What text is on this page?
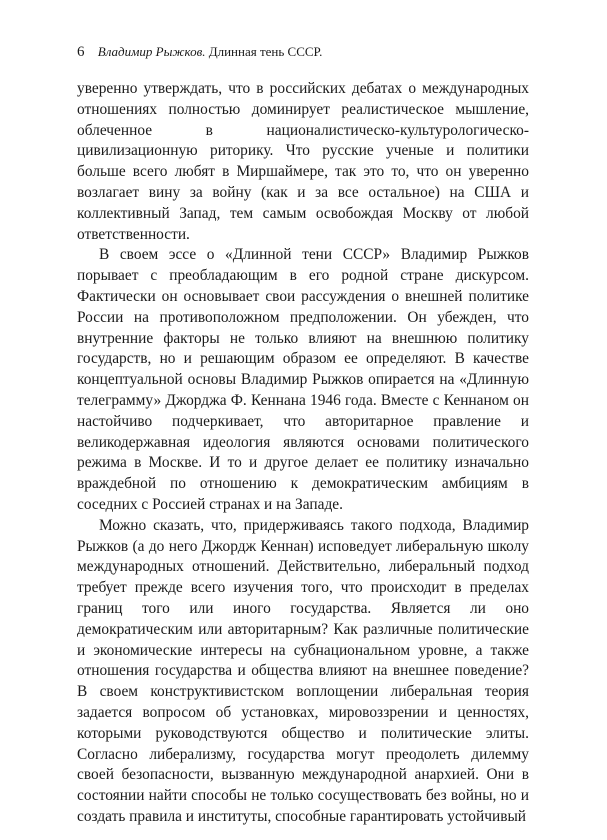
6 Владимир Рыжков. Длинная тень СССР.

уверенно утверждать, что в российских дебатах о международных отношениях полностью доминирует реалистическое мышление, облеченное в националистическо-культурологическо-цивилизационную риторику. Что русские ученые и политики больше всего любят в Миршаймере, так это то, что он уверенно возлагает вину за войну (как и за все остальное) на США и коллективный Запад, тем самым освобождая Москву от любой ответственности.

В своем эссе о «Длинной тени СССР» Владимир Рыжков порывает с преобладающим в его родной стране дискурсом. Фактически он основывает свои рассуждения о внешней политике России на противоположном предположении. Он убежден, что внутренние факторы не только влияют на внешнюю политику государств, но и решающим образом ее определяют. В качестве концептуальной основы Владимир Рыжков опирается на «Длинную телеграмму» Джорджа Ф. Кеннана 1946 года. Вместе с Кеннаном он настойчиво подчеркивает, что авторитарное правление и великодержавная идеология являются основами политического режима в Москве. И то и другое делает ее политику изначально враждебной по отношению к демократическим амбициям в соседних с Россией странах и на Западе.

Можно сказать, что, придерживаясь такого подхода, Владимир Рыжков (а до него Джордж Кеннан) исповедует либеральную школу международных отношений. Действительно, либеральный подход требует прежде всего изучения того, что происходит в пределах границ того или иного государства. Является ли оно демократическим или авторитарным? Как различные политические и экономические интересы на субнациональном уровне, а также отношения государства и общества влияют на внешнее поведение? В своем конструктивистском воплощении либеральная теория задается вопросом об установках, мировоззрении и ценностях, которыми руководствуются общество и политические элиты. Согласно либерализму, государства могут преодолеть дилемму своей безопасности, вызванную международной анархией. Они в состоянии найти способы не только сосуществовать без войны, но и создать правила и институты, способные гарантировать устойчивый
